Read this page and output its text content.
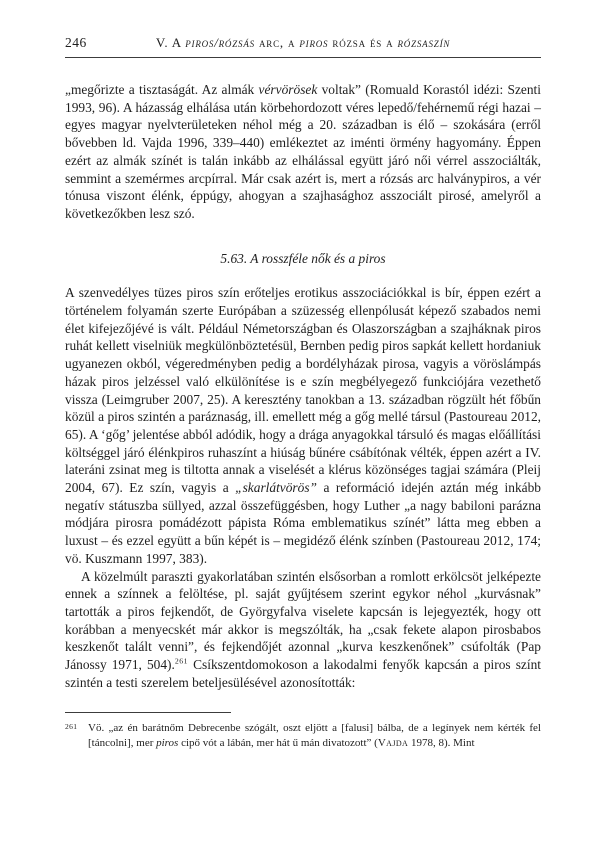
246	V. A piros/rózsás arc, a piros rózsa és a rózsaszín

„megőrizte a tisztaságát. Az almák vérvörösek voltak” (Romuald Korastól idézi: Szenti 1993, 96). A házasság elhálása után körbehordozott véres lepedő/fehérnemű régi hazai – egyes magyar nyelvterületeken néhol még a 20. században is élő – szokására (erről bővebben ld. Vajda 1996, 339–440) emlékeztet az iménti örmény hagyomány. Éppen ezért az almák színét is talán inkább az elhálással együtt járó női vérrel asszociálták, semmint a szemérmes arcpírral. Már csak azért is, mert a rózsás arc halványpiros, a vér tónusa viszont élénk, éppúgy, ahogyan a szajhasághoz asszociált pirosé, amelyről a következőkben lesz szó.

5.63. A rosszféle nők és a piros

A szenvedélyes tüzes piros szín erőteljes erotikus asszociációkkal is bír, éppen ezért a történelem folyamán szerte Európában a szüzesség ellenpólusát képező szabados nemi élet kifejezőjévé is vált. Például Németországban és Olaszországban a szajháknak piros ruhát kellett viselniük megkülönböztetésül, Bernben pedig piros sapkát kellett hordaniuk ugyanezen okból, végeredményben pedig a bordélyházak pirosa, vagyis a vöröslámpás házak piros jelzéssel való elkülönítése is e szín megbélyegező funkciójára vezethető vissza (Leimgruber 2007, 25). A keresztény tanokban a 13. században rögzült hét főbűn közül a piros szintén a paráznaság, ill. emellett még a gőg mellé társul (Pastoureau 2012, 65). A ‘gőg’ jelentése abból adódik, hogy a drága anyagokkal társuló és magas előállítási költséggel járó élénkpiros ruhaszínt a hiúság bűnére csábítónak vélték, éppen azért a IV. lateráni zsinat meg is tiltotta annak a viselését a klérus közönséges tagjai számára (Pleij 2004, 67). Ez szín, vagyis a „skarlátvörös” a reformáció idején aztán még inkább negatív státuszba süllyed, azzal összefüggésben, hogy Luther „a nagy babiloni parázna módjára pirosra pomádézott pápista Róma emblematikus színét” látta meg ebben a luxust – és ezzel együtt a bűn képét is – megidéző élénk színben (Pastoureau 2012, 174; vö. Kuszmann 1997, 383).

A közelmúlt paraszti gyakorlatában szintén elsősorban a romlott erkölcsöt jelképezte ennek a színnek a felöltése, pl. saját gyűjtésem szerint egykor néhol „kurvásnak” tartották a piros fejkendőt, de Györgyfalva viselete kapcsán is lejegyezték, hogy ott korábban a menyecskét már akkor is megszólták, ha „csak fekete alapon pirosbabos keszkenőt talált venni”, és fejkendőjét azonnal „kurva keszkenőnek” csúfolták (Pap Jánossy 1971, 504).$^{261}$ Csíkszentdomokoson a lakodalmi fenyők kapcsán a piros színt szintén a testi szerelem beteljesülésével azonosították:

261 Vö. „az én barátnőm Debrecenbe szógált, oszt eljött a [falusi] bálba, de a legínyek nem kérték fel [táncolni], mer piros cipő vót a lábán, mer hát ű mán divatozott” (Vajda 1978, 8). Mint
